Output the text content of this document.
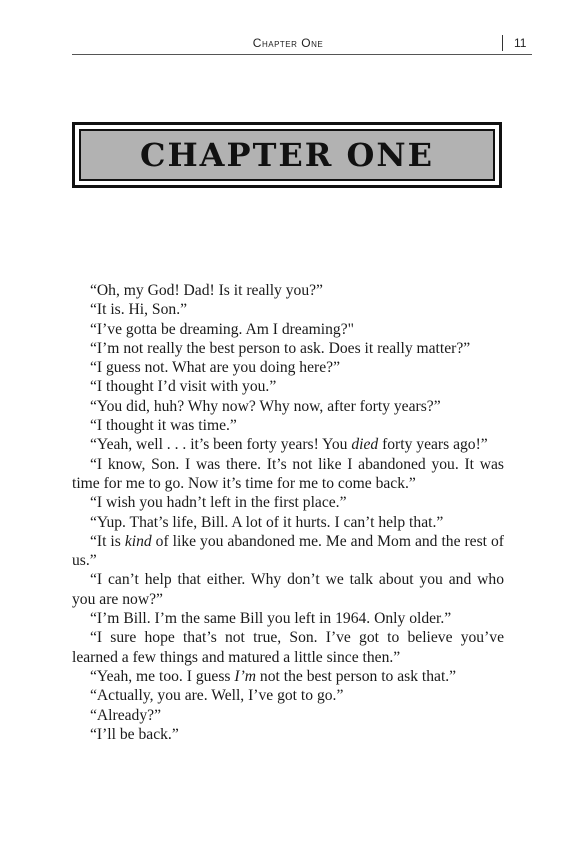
Chapter One	11
CHAPTER ONE

“Oh, my God! Dad! Is it really you?”

“It is. Hi, Son.”

“I’ve gotta be dreaming. Am I dreaming?"

“I’m not really the best person to ask. Does it really matter?”

“I guess not. What are you doing here?”

“I thought I’d visit with you.”

“You did, huh? Why now? Why now, after forty years?”

“I thought it was time.”

“Yeah, well . . . it’s been forty years! You died forty years ago!”

“I know, Son. I was there. It’s not like I abandoned you. It was time for me to go. Now it’s time for me to come back.”

“I wish you hadn’t left in the first place.”

“Yup. That’s life, Bill. A lot of it hurts. I can’t help that.”

“It is kind of like you abandoned me. Me and Mom and the rest of us.”

“I can’t help that either. Why don’t we talk about you and who you are now?”

“I’m Bill. I’m the same Bill you left in 1964. Only older.”

“I sure hope that’s not true, Son. I’ve got to believe you’ve learned a few things and matured a little since then.”

“Yeah, me too. I guess I’m not the best person to ask that.”

“Actually, you are. Well, I’ve got to go.”

“Already?”

“I’ll be back.”
